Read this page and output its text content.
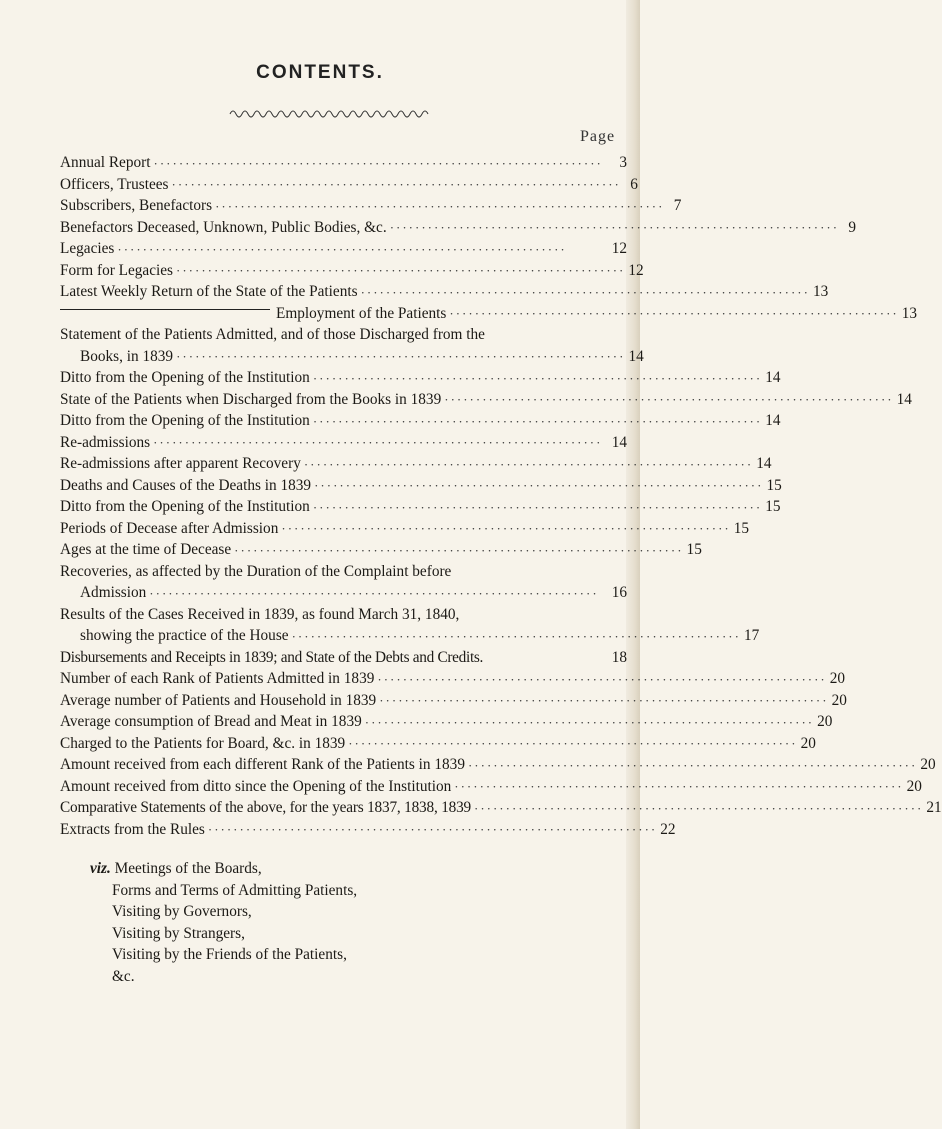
CONTENTS.
Page
Annual Report ·······································································	3
Officers, Trustees ······································································· 6
Subscribers, Benefactors ······································································· 7
Benefactors Deceased, Unknown, Public Bodies, &c. ······································································· 9
Legacies ·······································································	12
Form for Legacies ······································································· 12
Latest Weekly Return of the State of the Patients ······································································· 13
Employment of the Patients ······································································· 13
Statement of the Patients Admitted, and of those Discharged from the
Books, in 1839 ······································································· 14
Ditto from the Opening of the Institution ······································································· 14
State of the Patients when Discharged from the Books in 1839 ······································································· 14
Ditto from the Opening of the Institution ······································································· 14
Re-admissions ······································································· 14
Re-admissions after apparent Recovery ······································································· 14
Deaths and Causes of the Deaths in 1839 ······································································· 15
Ditto from the Opening of the Institution ······································································· 15
Periods of Decease after Admission ······································································· 15
Ages at the time of Decease ······································································· 15
Recoveries, as affected by the Duration of the Complaint before
Admission ······································································· 16
Results of the Cases Received in 1839, as found March 31, 1840,
showing the practice of the House ······································································· 17
Disbursements and Receipts in 1839; and State of the Debts and Credits.	18
Number of each Rank of Patients Admitted in 1839 ······································································· 20
Average number of Patients and Household in 1839 ······································································· 20
Average consumption of Bread and Meat in 1839 ······································································· 20
Charged to the Patients for Board, &c. in 1839 ······································································· 20
Amount received from each different Rank of the Patients in 1839 ······································································· 20
Amount received from ditto since the Opening of the Institution ······································································· 20
Comparative Statements of the above, for the years 1837, 1838, 1839 ······································································· 21
Extracts from the Rules ······································································· 22
viz. Meetings of the Boards,
Forms and Terms of Admitting Patients,
Visiting by Governors,
Visiting by Strangers,
Visiting by the Friends of the Patients,
&c.
